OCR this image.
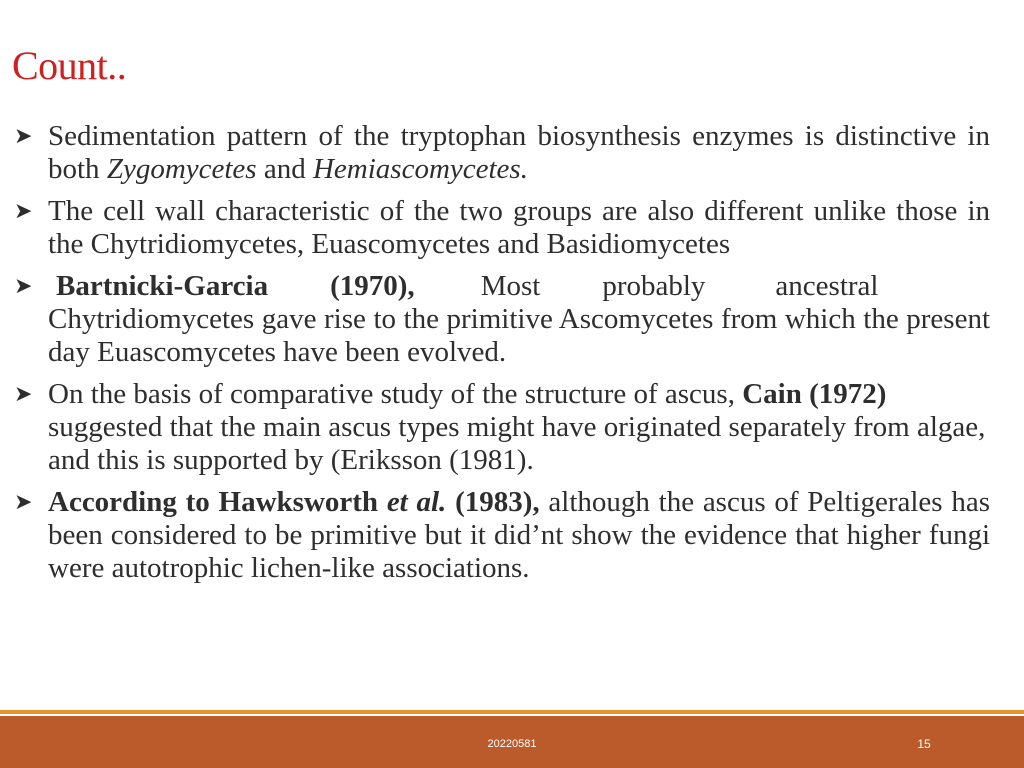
Count..
➤ Sedimentation pattern of the tryptophan biosynthesis enzymes is distinctive in both Zygomycetes and Hemiascomycetes.
➤ The cell wall characteristic of the two groups are also different unlike those in the Chytridiomycetes, Euascomycetes and Basidiomycetes
➤ Bartnicki-Garcia (1970), Most probably ancestral Chytridiomycetes gave rise to the primitive Ascomycetes from which the present day Euascomycetes have been evolved.
➤ On the basis of comparative study of the structure of ascus, Cain (1972) suggested that the main ascus types might have originated separately from algae, and this is supported by (Eriksson (1981).
➤ According to Hawksworth et al. (1983), although the ascus of Peltigerales has been considered to be primitive but it did’nt show the evidence that higher fungi were autotrophic lichen-like associations.
20220581	15
